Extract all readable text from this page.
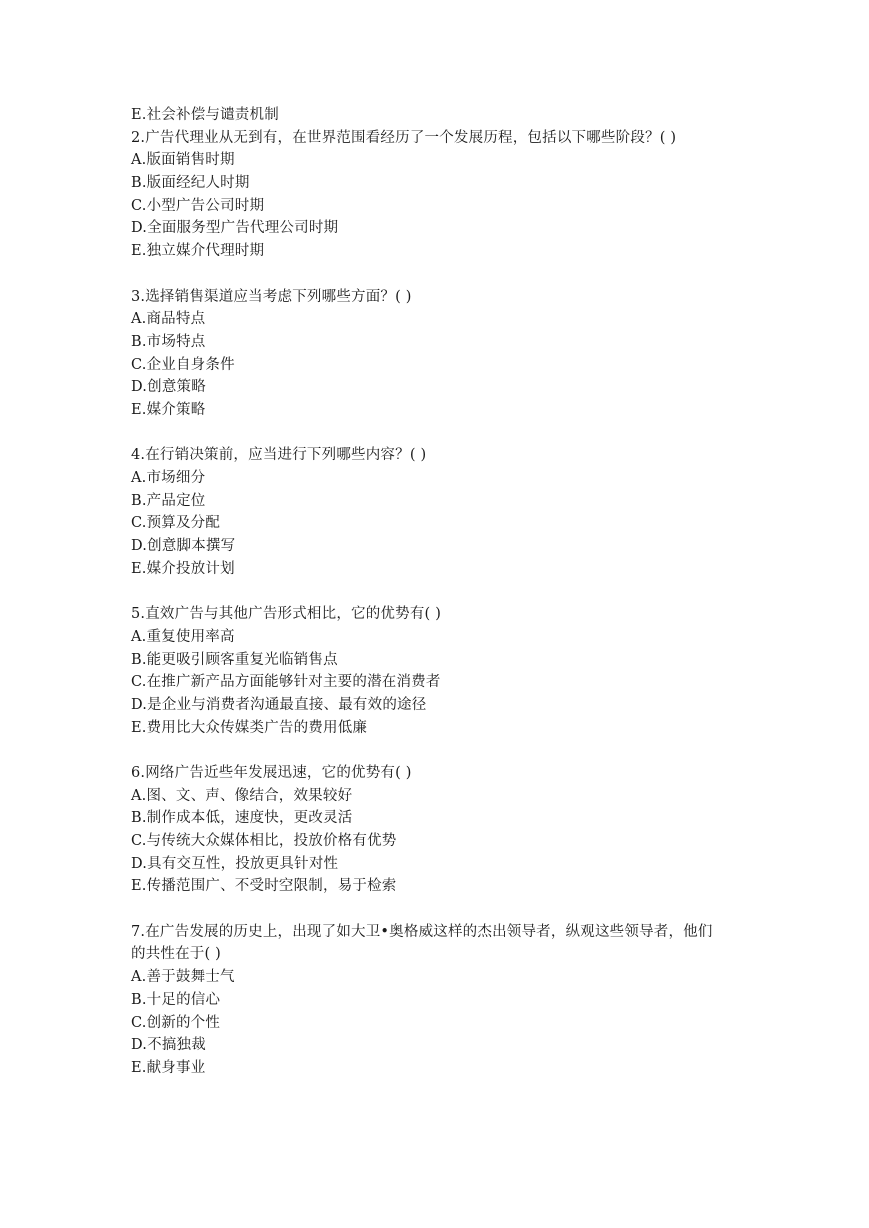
E.社会补偿与谴责机制
2.广告代理业从无到有，在世界范围看经历了一个发展历程，包括以下哪些阶段？( )
A.版面销售时期
B.版面经纪人时期
C.小型广告公司时期
D.全面服务型广告代理公司时期
E.独立媒介代理时期
3.选择销售渠道应当考虑下列哪些方面？( )
A.商品特点
B.市场特点
C.企业自身条件
D.创意策略
E.媒介策略
4.在行销决策前，应当进行下列哪些内容？( )
A.市场细分
B.产品定位
C.预算及分配
D.创意脚本撰写
E.媒介投放计划
5.直效广告与其他广告形式相比，它的优势有( )
A.重复使用率高
B.能更吸引顾客重复光临销售点
C.在推广新产品方面能够针对主要的潜在消费者
D.是企业与消费者沟通最直接、最有效的途径
E.费用比大众传媒类广告的费用低廉
6.网络广告近些年发展迅速，它的优势有( )
A.图、文、声、像结合，效果较好
B.制作成本低，速度快，更改灵活
C.与传统大众媒体相比，投放价格有优势
D.具有交互性，投放更具针对性
E.传播范围广、不受时空限制，易于检索
7.在广告发展的历史上，出现了如大卫•奥格威这样的杰出领导者，纵观这些领导者，他们
的共性在于( )
A.善于鼓舞士气
B.十足的信心
C.创新的个性
D.不搞独裁
E.献身事业
